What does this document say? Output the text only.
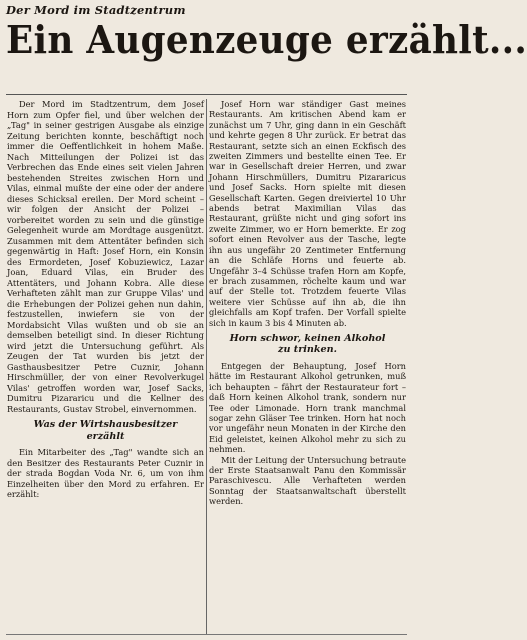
Der Mord im Stadtzentrum
Ein Augenzeuge erzählt...

Der Mord im Stadtzentrum, dem Josef Horn zum Opfer fiel, und über welchen der „Tag" in seiner gestrigen Ausgabe als einzige Zeitung berichten konnte, beschäftigt noch immer die Oeffentlichkeit in hohem Maße. Nach Mitteilungen der Polizei ist das Verbrechen das Ende eines seit vielen Jahren bestehenden Streites zwischen Horn und Vilas, einmal mußte der eine oder der andere dieses Schicksal ereilen. Der Mord scheint – wir folgen der Ansicht der Polizei – vorbereitet worden zu sein und die günstige Gelegenheit wurde am Mordtage ausgenützt. Zusammen mit dem Attentäter befinden sich gegenwärtig in Haft: Josef Horn, ein Konsin des Ermordeten, Josef Kobuziewicz, Lazar Joan, Eduard Vilas, ein Bruder des Attentäters, und Johann Kobra. Alle diese Verhafteten zählt man zur Gruppe Vilas' und die Erhebungen der Polizei gehen nun dahin, festzustellen, inwiefern sie von der Mordabsicht Vilas wußten und ob sie an demselben beteiligt sind. In dieser Richtung wird jetzt die Untersuchung geführt. Als Zeugen der Tat wurden bis jetzt der Gasthausbesitzer Petre Cuznir, Johann Hirschmüller, der von einer Revolverkugel Vilas' getroffen worden war, Josef Sacks, Dumitru Pizararicu und die Kellner des Restaurants, Gustav Strobel, einvernommen.

Was der Wirtshausbesitzer
erzählt

Ein Mitarbeiter des „Tag" wandte sich an den Besitzer des Restaurants Peter Cuznir in der strada Bogdan Voda Nr. 6, um von ihm Einzelheiten über den Mord zu erfahren. Er erzählt:

Josef Horn war ständiger Gast meines Restaurants. Am kritischen Abend kam er zunächst um 7 Uhr, ging dann in ein Geschäft und kehrte gegen 8 Uhr zurück. Er betrat das Restaurant, setzte sich an einen Eckfisch des zweiten Zimmers und bestellte einen Tee. Er war in Gesellschaft dreier Herren, und zwar Johann Hirschmüllers, Dumitru Pizararicus und Josef Sacks. Horn spielte mit diesen Gesellschaft Karten. Gegen dreiviertel 10 Uhr abends betrat Maximilian Vilas das Restaurant, grüßte nicht und ging sofort ins zweite Zimmer, wo er Horn bemerkte. Er zog sofort einen Revolver aus der Tasche, legte ihn aus ungefähr 20 Zentimeter Entfernung an die Schläfe Horns und feuerte ab. Ungefähr 3–4 Schüsse trafen Horn am Kopfe, er brach zusammen, röchelte kaum und war auf der Stelle tot. Trotzdem feuerte Vilas weitere vier Schüsse auf ihn ab, die ihn gleichfalls am Kopf trafen. Der Vorfall spielte sich in kaum 3 bis 4 Minuten ab.

Horn schwor, keinen Alkohol
zu trinken.

Entgegen der Behauptung, Josef Horn hätte im Restaurant Alkohol getrunken, muß ich behaupten – fährt der Restaurateur fort – daß Horn keinen Alkohol trank, sondern nur Tee oder Limonade. Horn trank manchmal sogar zehn Gläser Tee trinken. Horn hat noch vor ungefähr neun Monaten in der Kirche den Eid geleistet, keinen Alkohol mehr zu sich zu nehmen.

Mit der Leitung der Untersuchung betraute der Erste Staatsanwalt Panu den Kommissär Paraschivescu. Alle Verhafteten werden Sonntag der Staatsanwaltschaft überstellt werden.
